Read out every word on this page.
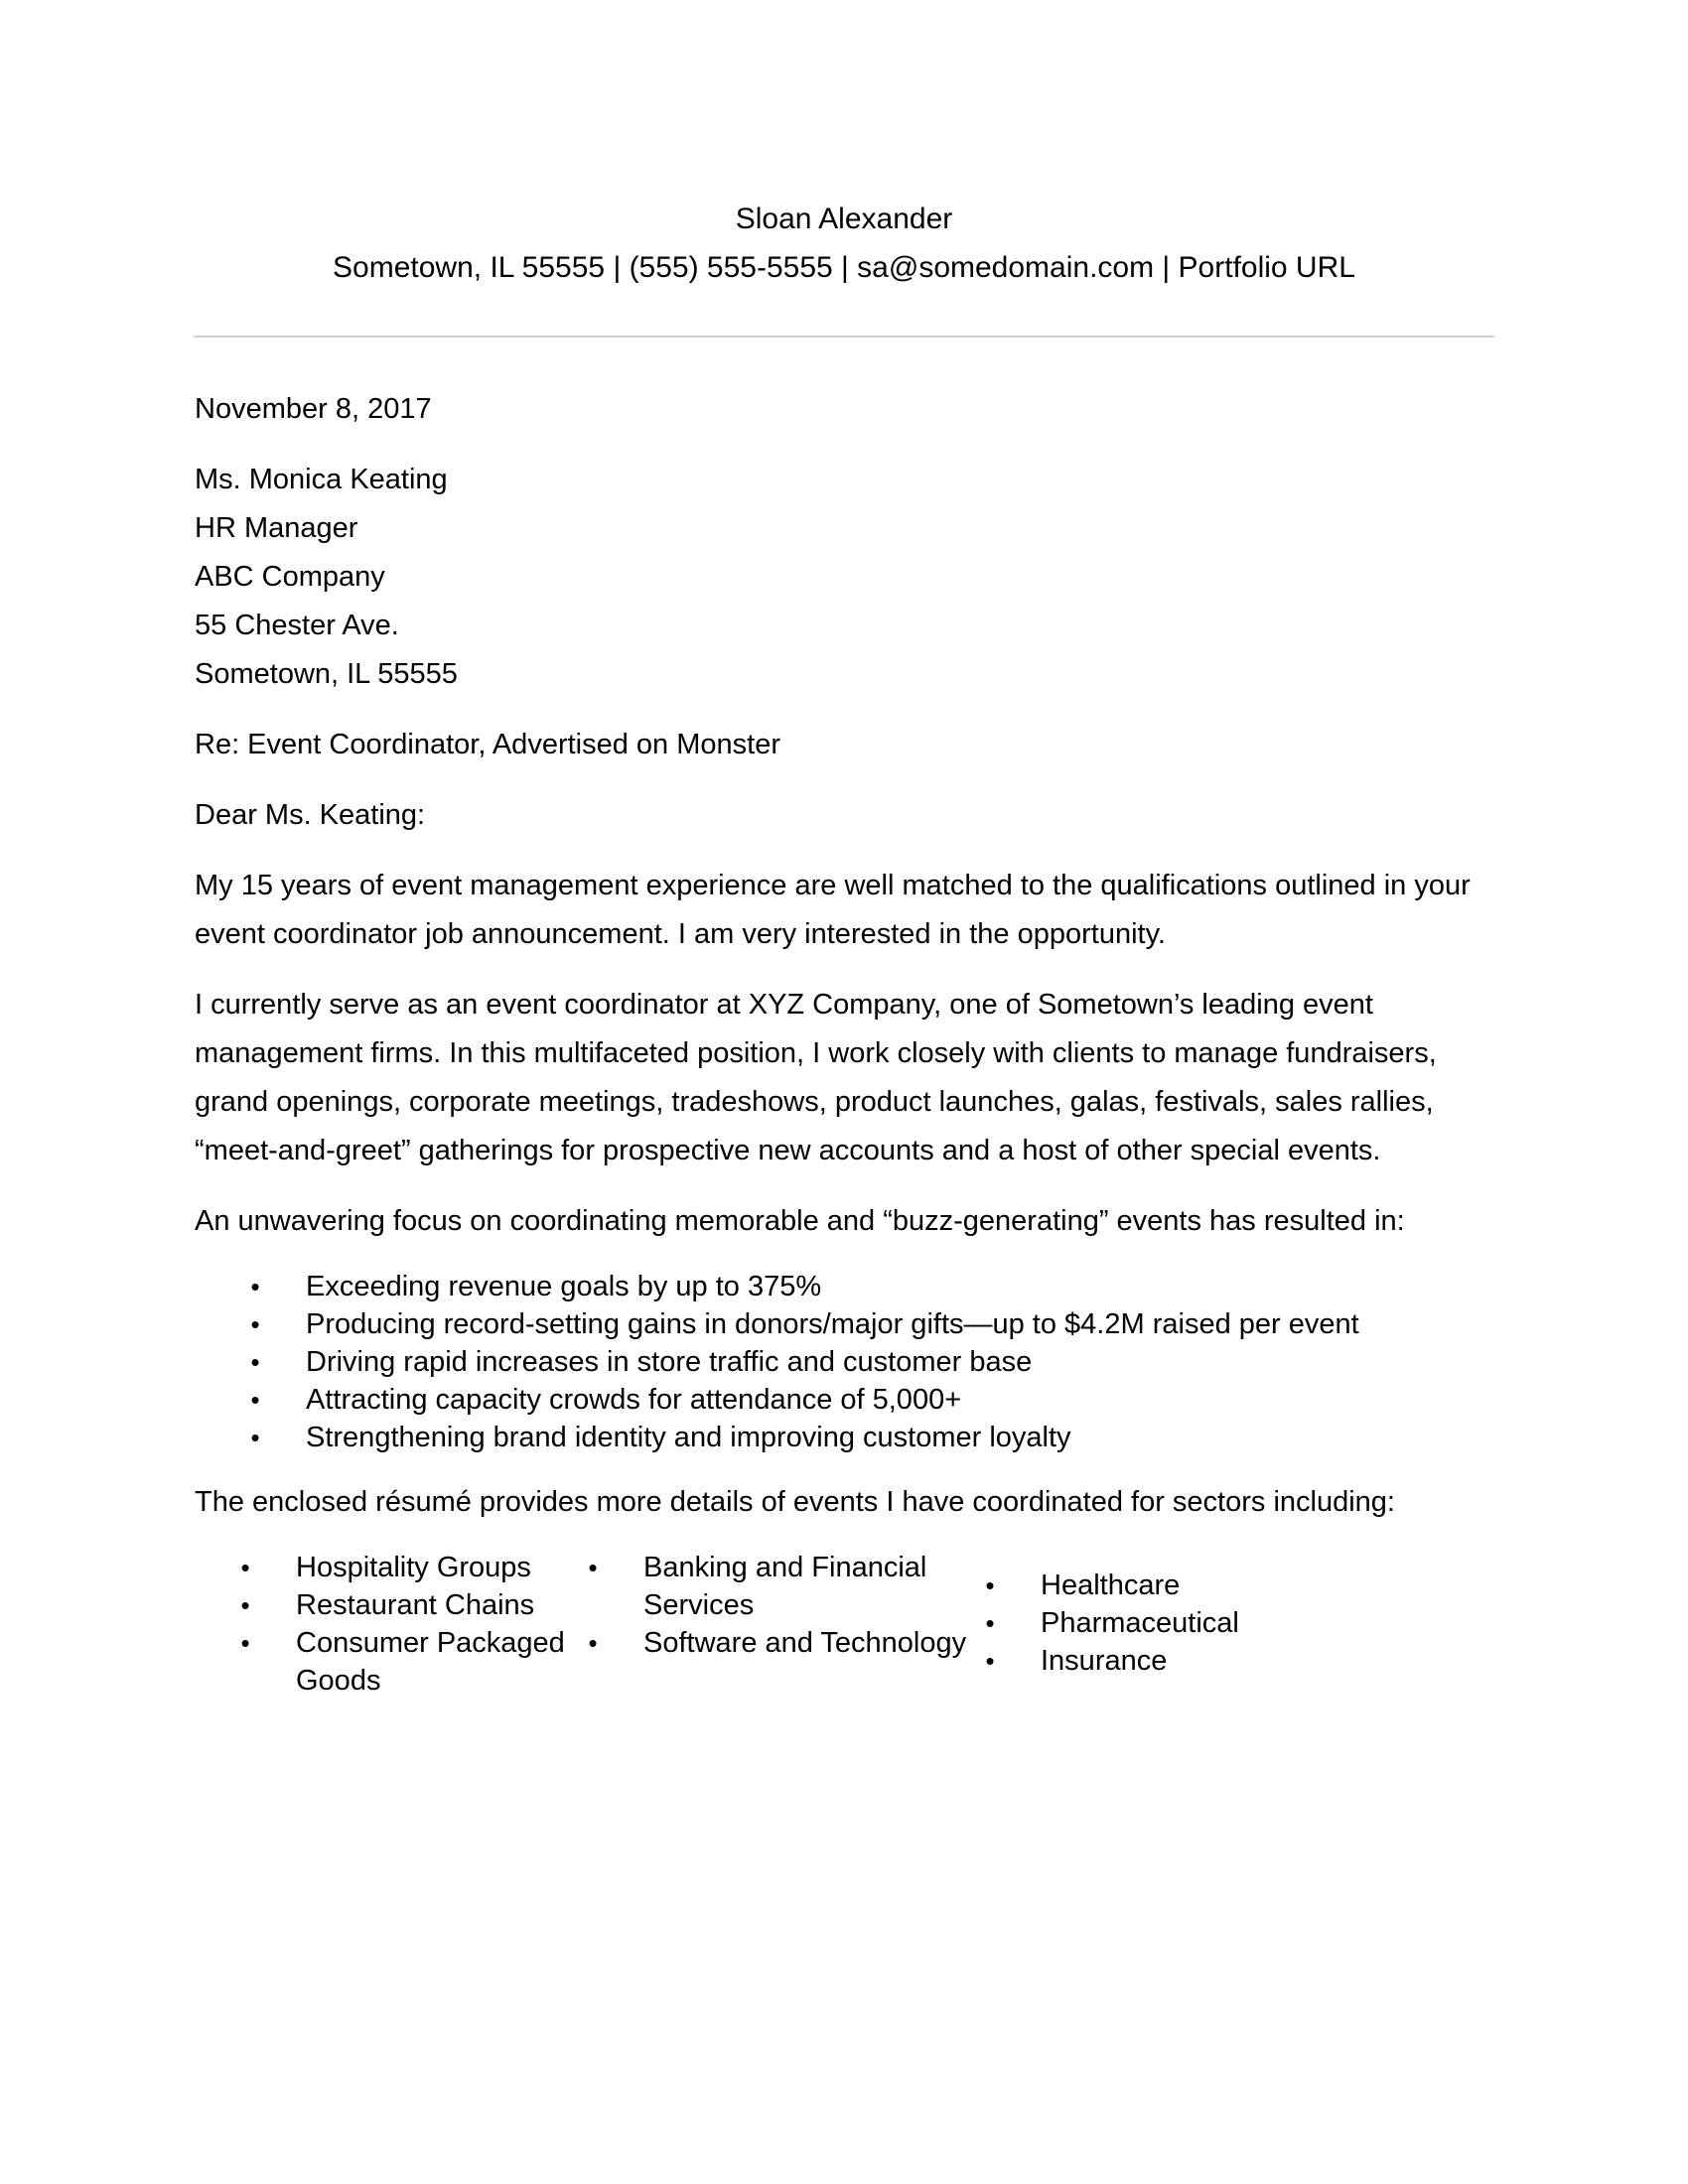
Sloan Alexander
Sometown, IL 55555 | (555) 555-5555 | sa@somedomain.com | Portfolio URL

November 8, 2017

Ms. Monica Keating

HR Manager

ABC Company

55 Chester Ave.

Sometown, IL 55555

Re: Event Coordinator, Advertised on Monster

Dear Ms. Keating:

My 15 years of event management experience are well matched to the qualifications outlined in your event coordinator job announcement. I am very interested in the opportunity.

I currently serve as an event coordinator at XYZ Company, one of Sometown’s leading event management firms. In this multifaceted position, I work closely with clients to manage fundraisers, grand openings, corporate meetings, tradeshows, product launches, galas, festivals, sales rallies, “meet-and-greet” gatherings for prospective new accounts and a host of other special events.

An unwavering focus on coordinating memorable and “buzz-generating” events has resulted in:

•	Exceeding revenue goals by up to 375%
•	Producing record-setting gains in donors/major gifts—up to $4.2M raised per event
•	Driving rapid increases in store traffic and customer base
•	Attracting capacity crowds for attendance of 5,000+
•	Strengthening brand identity and improving customer loyalty

The enclosed résumé provides more details of events I have coordinated for sectors including:

•	Hospitality Groups
•	Restaurant Chains
•	Consumer Packaged Goods
•	Banking and Financial Services
•	Software and Technology
•	Healthcare
•	Pharmaceutical
•	Insurance
